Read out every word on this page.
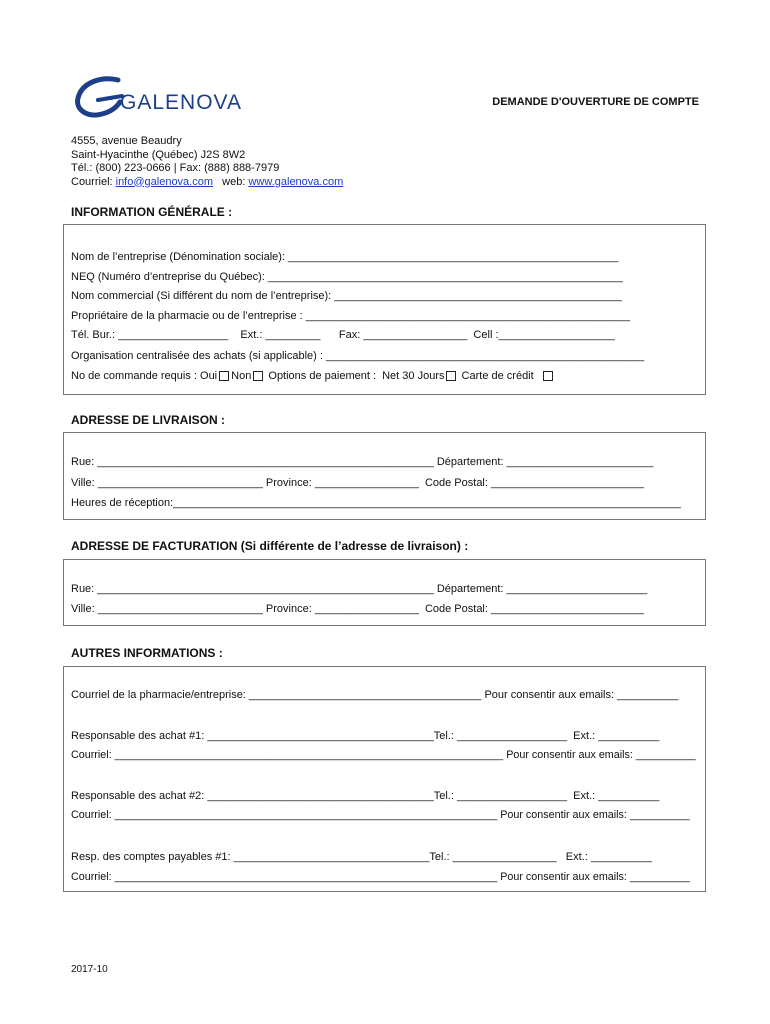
GALENOVA	DEMANDE D'OUVERTURE DE COMPTE
4555, avenue Beaudry
Saint-Hyacinthe (Québec) J2S 8W2
Tél.: (800) 223-0666 | Fax: (888) 888-7979
Courriel: info@galenova.com   web: www.galenova.com
INFORMATION GÉNÉRALE :
Nom de l’entreprise (Dénomination sociale): ______________________________________________________
NEQ (Numéro d’entreprise du Québec): __________________________________________________________
Nom commercial (Si différent du nom de l’entreprise): _______________________________________________
Propriétaire de la pharmacie ou de l’entreprise : _____________________________________________________
Tél. Bur.: __________________    Ext.: _________      Fax: _________________  Cell :___________________
Organisation centralisée des achats (si applicable) : ____________________________________________________
No de commande requis : Oui Non Options de paiement :  Net 30 Jours Carte de crédit
ADRESSE DE LIVRAISON :
Rue: _______________________________________________________ Département: ________________________
Ville: ___________________________ Province: _________________  Code Postal: _________________________
Heures de réception:___________________________________________________________________________________
ADRESSE DE FACTURATION (Si différente de l’adresse de livraison) :
Rue: _______________________________________________________ Département: _______________________
Ville: ___________________________ Province: _________________  Code Postal: _________________________
AUTRES INFORMATIONS :
Courriel de la pharmacie/entreprise: ______________________________________ Pour consentir aux emails: __________
Responsable des achat #1: _____________________________________Tel.: __________________  Ext.: __________
Courriel: _________________________________________________________________ Pour consentir aux emails: __________
Responsable des achat #2: _____________________________________Tel.: __________________  Ext.: __________
Courriel: ________________________________________________________________ Pour consentir aux emails: __________
Resp. des comptes payables #1: ________________________________Tel.: _________________   Ext.: __________
Courriel: ________________________________________________________________ Pour consentir aux emails: __________
2017-10
